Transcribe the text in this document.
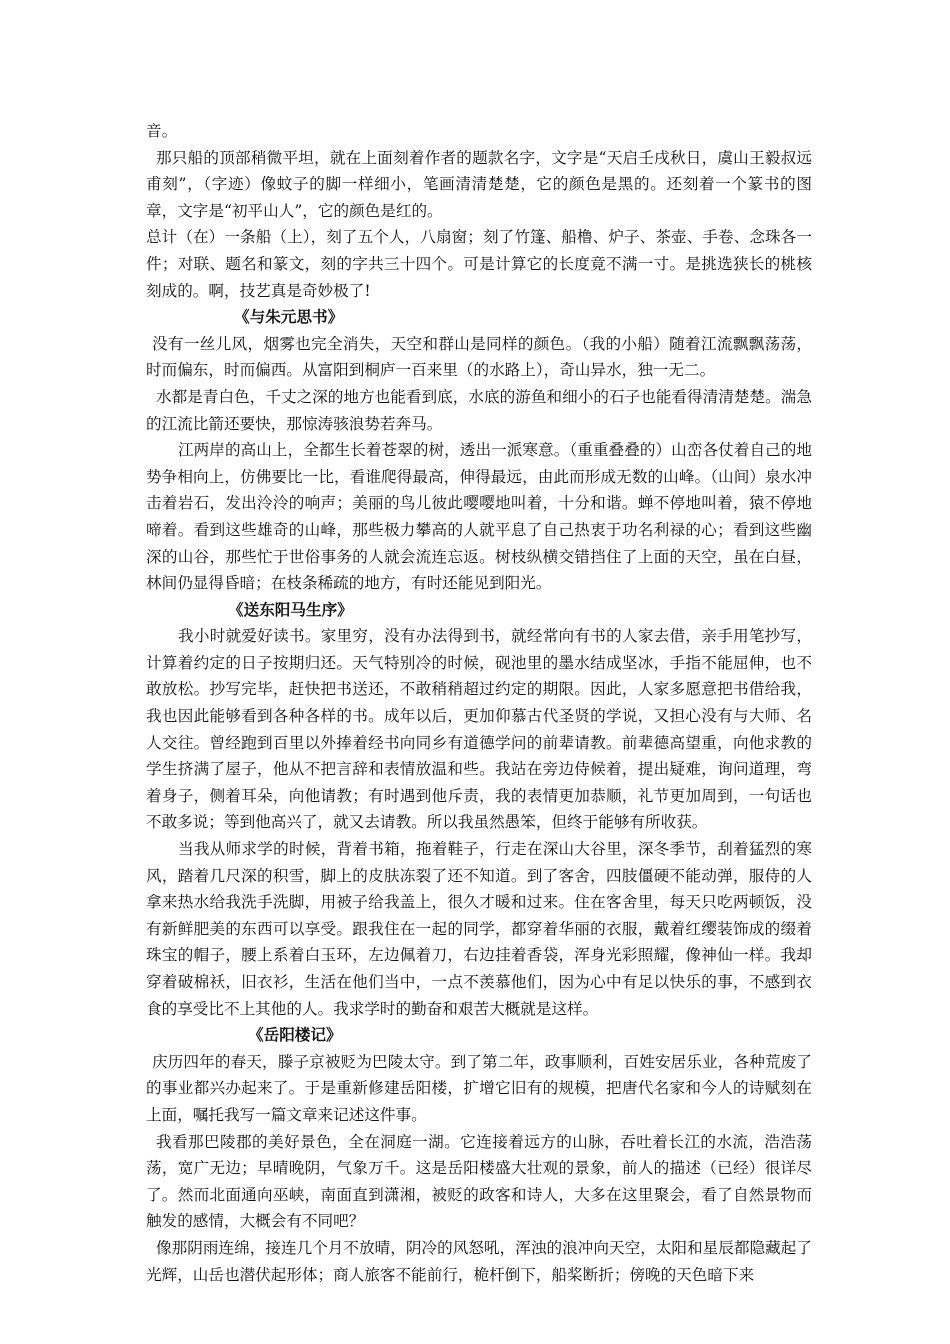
音。

那只船的顶部稍微平坦，就在上面刻着作者的题款名字，文字是“天启壬戌秋日，虞山王毅叔远甫刻”，（字迹）像蚊子的脚一样细小，笔画清清楚楚，它的颜色是黑的。还刻着一个篆书的图章，文字是“初平山人”，它的颜色是红的。

总计（在）一条船（上），刻了五个人，八扇窗；刻了竹篷、船橹、炉子、茶壶、手卷、念珠各一件；对联、题名和篆文，刻的字共三十四个。可是计算它的长度竟不满一寸。是挑选狭长的桃核刻成的。啊，技艺真是奇妙极了!

《与朱元思书》

没有一丝儿风，烟雾也完全消失，天空和群山是同样的颜色。（我的小船）随着江流飘飘荡荡，时而偏东，时而偏西。从富阳到桐庐一百来里（的水路上），奇山异水，独一无二。

水都是青白色，千丈之深的地方也能看到底，水底的游鱼和细小的石子也能看得清清楚楚。湍急的江流比箭还要快，那惊涛骇浪势若奔马。

江两岸的高山上，全都生长着苍翠的树，透出一派寒意。（重重叠叠的）山峦各仗着自己的地势争相向上，仿佛要比一比，看谁爬得最高，伸得最远，由此而形成无数的山峰。（山间）泉水冲击着岩石，发出泠泠的响声；美丽的鸟儿彼此嘤嘤地叫着，十分和谐。蝉不停地叫着，猿不停地啼着。看到这些雄奇的山峰，那些极力攀高的人就平息了自己热衷于功名利禄的心；看到这些幽深的山谷，那些忙于世俗事务的人就会流连忘返。树枝纵横交错挡住了上面的天空，虽在白昼，林间仍显得昏暗；在枝条稀疏的地方，有时还能见到阳光。

《送东阳马生序》

我小时就爱好读书。家里穷，没有办法得到书，就经常向有书的人家去借，亲手用笔抄写，计算着约定的日子按期归还。天气特别冷的时候，砚池里的墨水结成坚冰，手指不能屈伸，也不敢放松。抄写完毕，赶快把书送还，不敢稍稍超过约定的期限。因此，人家多愿意把书借给我，我也因此能够看到各种各样的书。成年以后，更加仰慕古代圣贤的学说，又担心没有与大师、名人交往。曾经跑到百里以外捧着经书向同乡有道德学问的前辈请教。前辈德高望重，向他求教的学生挤满了屋子，他从不把言辞和表情放温和些。我站在旁边侍候着，提出疑难，询问道理，弯着身子，侧着耳朵，向他请教；有时遇到他斥责，我的表情更加恭顺，礼节更加周到，一句话也不敢多说；等到他高兴了，就又去请教。所以我虽然愚笨，但终于能够有所收获。

当我从师求学的时候，背着书箱，拖着鞋子，行走在深山大谷里，深冬季节，刮着猛烈的寒风，踏着几尺深的积雪，脚上的皮肤冻裂了还不知道。到了客舍，四肢僵硬不能动弹，服侍的人拿来热水给我洗手洗脚，用被子给我盖上，很久才暖和过来。住在客舍里，每天只吃两顿饭，没有新鲜肥美的东西可以享受。跟我住在一起的同学，都穿着华丽的衣服，戴着红缨装饰成的缀着珠宝的帽子，腰上系着白玉环，左边佩着刀，右边挂着香袋，浑身光彩照耀，像神仙一样。我却穿着破棉袄，旧衣衫，生活在他们当中，一点不羡慕他们，因为心中有足以快乐的事，不感到衣食的享受比不上其他的人。我求学时的勤奋和艰苦大概就是这样。

《岳阳楼记》

庆历四年的春天，滕子京被贬为巴陵太守。到了第二年，政事顺利，百姓安居乐业，各种荒废了的事业都兴办起来了。于是重新修建岳阳楼，扩增它旧有的规模，把唐代名家和今人的诗赋刻在上面，嘱托我写一篇文章来记述这件事。

我看那巴陵郡的美好景色，全在洞庭一湖。它连接着远方的山脉，吞吐着长江的水流，浩浩荡荡，宽广无边；早晴晚阴，气象万千。这是岳阳楼盛大壮观的景象，前人的描述（已经）很详尽了。然而北面通向巫峡，南面直到潇湘，被贬的政客和诗人，大多在这里聚会，看了自然景物而触发的感情，大概会有不同吧？

像那阴雨连绵，接连几个月不放晴，阴冷的风怒吼，浑浊的浪冲向天空，太阳和星辰都隐藏起了光辉，山岳也潜伏起形体；商人旅客不能前行，桅杆倒下，船桨断折；傍晚的天色暗下来
